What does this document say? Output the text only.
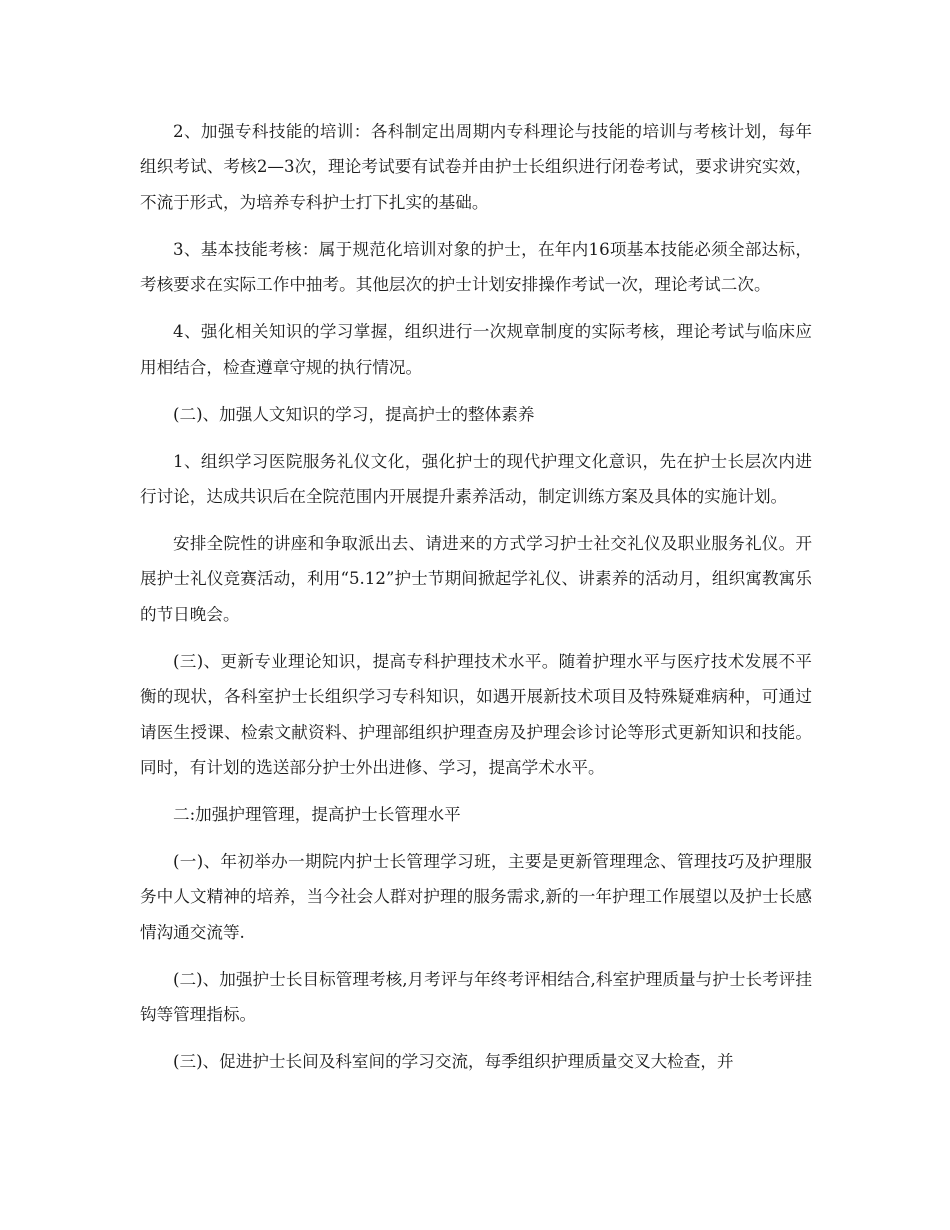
2、加强专科技能的培训：各科制定出周期内专科理论与技能的培训与考核计划，每年组织考试、考核2—3次，理论考试要有试卷并由护士长组织进行闭卷考试，要求讲究实效，不流于形式，为培养专科护士打下扎实的基础。

3、基本技能考核：属于规范化培训对象的护士，在年内16项基本技能必须全部达标，考核要求在实际工作中抽考。其他层次的护士计划安排操作考试一次，理论考试二次。

4、强化相关知识的学习掌握，组织进行一次规章制度的实际考核，理论考试与临床应用相结合，检查遵章守规的执行情况。

(二)、加强人文知识的学习，提高护士的整体素养

1、组织学习医院服务礼仪文化，强化护士的现代护理文化意识，先在护士长层次内进行讨论，达成共识后在全院范围内开展提升素养活动，制定训练方案及具体的实施计划。

安排全院性的讲座和争取派出去、请进来的方式学习护士社交礼仪及职业服务礼仪。开展护士礼仪竞赛活动，利用“5.12”护士节期间掀起学礼仪、讲素养的活动月，组织寓教寓乐的节日晚会。

(三)、更新专业理论知识，提高专科护理技术水平。随着护理水平与医疗技术发展不平衡的现状，各科室护士长组织学习专科知识，如遇开展新技术项目及特殊疑难病种，可通过请医生授课、检索文献资料、护理部组织护理查房及护理会诊讨论等形式更新知识和技能。同时，有计划的选送部分护士外出进修、学习，提高学术水平。

二:加强护理管理，提高护士长管理水平

(一)、年初举办一期院内护士长管理学习班，主要是更新管理理念、管理技巧及护理服务中人文精神的培养，当今社会人群对护理的服务需求,新的一年护理工作展望以及护士长感情沟通交流等.

(二)、加强护士长目标管理考核,月考评与年终考评相结合,科室护理质量与护士长考评挂钩等管理指标。

(三)、促进护士长间及科室间的学习交流，每季组织护理质量交叉大检查，并
